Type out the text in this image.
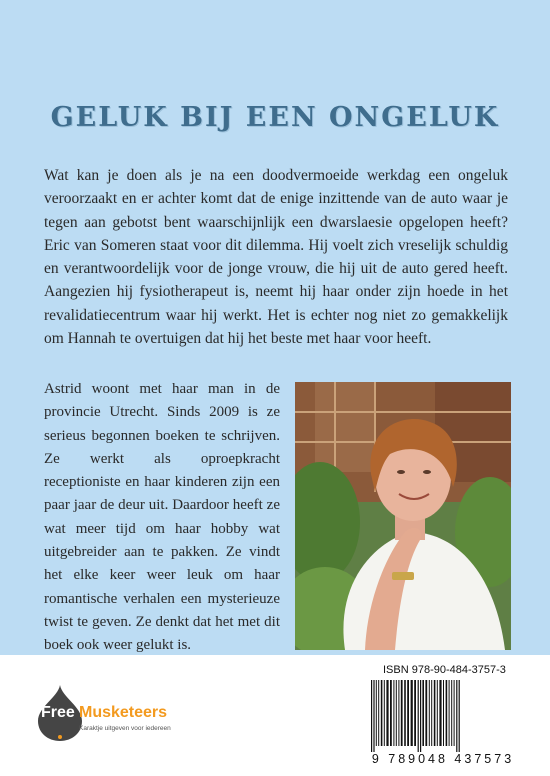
GELUK BIJ EEN ONGELUK

Wat kan je doen als je na een doodvermoeide werkdag een ongeluk veroorzaakt en er achter komt dat de enige inzittende van de auto waar je tegen aan gebotst bent waarschijnlijk een dwarslaesie opgelopen heeft? Eric van Someren staat voor dit dilemma. Hij voelt zich vreselijk schuldig en verantwoordelijk voor de jonge vrouw, die hij uit de auto gered heeft. Aangezien hij fysiotherapeut is, neemt hij haar onder zijn hoede in het revalidatiecentrum waar hij werkt. Het is echter nog niet zo gemakkelijk om Hannah te overtuigen dat hij het beste met haar voor heeft.

Astrid woont met haar man in de provincie Utrecht. Sinds 2009 is ze serieus begonnen boeken te schrijven. Ze werkt als oproepkracht receptioniste en haar kinderen zijn een paar jaar de deur uit. Daardoor heeft ze wat meer tijd om haar hobby wat uitgebreider aan te pakken. Ze vindt het elke keer weer leuk om haar romantische verhalen een mysterieuze twist te geven. Ze denkt dat het met dit boek ook weer gelukt is.

Free Musketeers
Karaktje uitgeven voor iedereen
ISBN 978-90-484-3757-3
9 789048 437573
